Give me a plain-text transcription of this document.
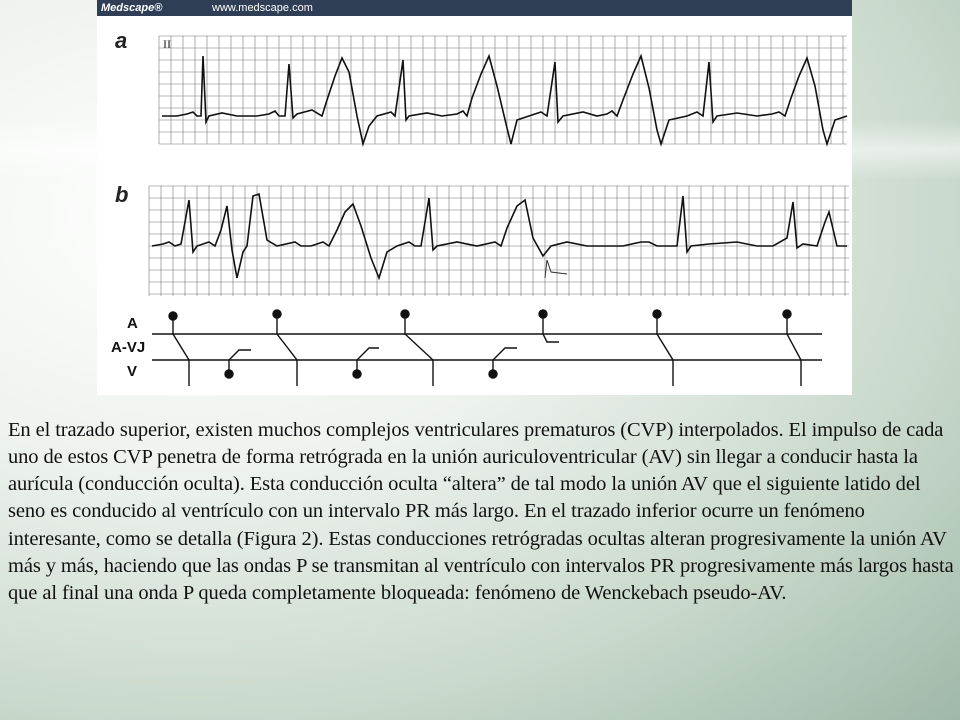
Medscape®	www.medscape.com
a	II
b
A
A-VJ
V

En el trazado superior, existen muchos complejos ventriculares prematuros (CVP) interpolados. El impulso de cada uno de estos CVP penetra de forma retrógrada en la unión auriculoventricular (AV) sin llegar a conducir hasta la aurícula (conducción oculta). Esta conducción oculta “altera” de tal modo la unión AV que el siguiente latido del seno es conducido al ventrículo con un intervalo PR más largo. En el trazado inferior ocurre un fenómeno interesante, como se detalla (Figura 2). Estas conducciones retrógradas ocultas alteran progresivamente la unión AV más y más, haciendo que las ondas P se transmitan al ventrículo con intervalos PR progresivamente más largos hasta que al final una onda P queda completamente bloqueada: fenómeno de Wenckebach pseudo-AV.
